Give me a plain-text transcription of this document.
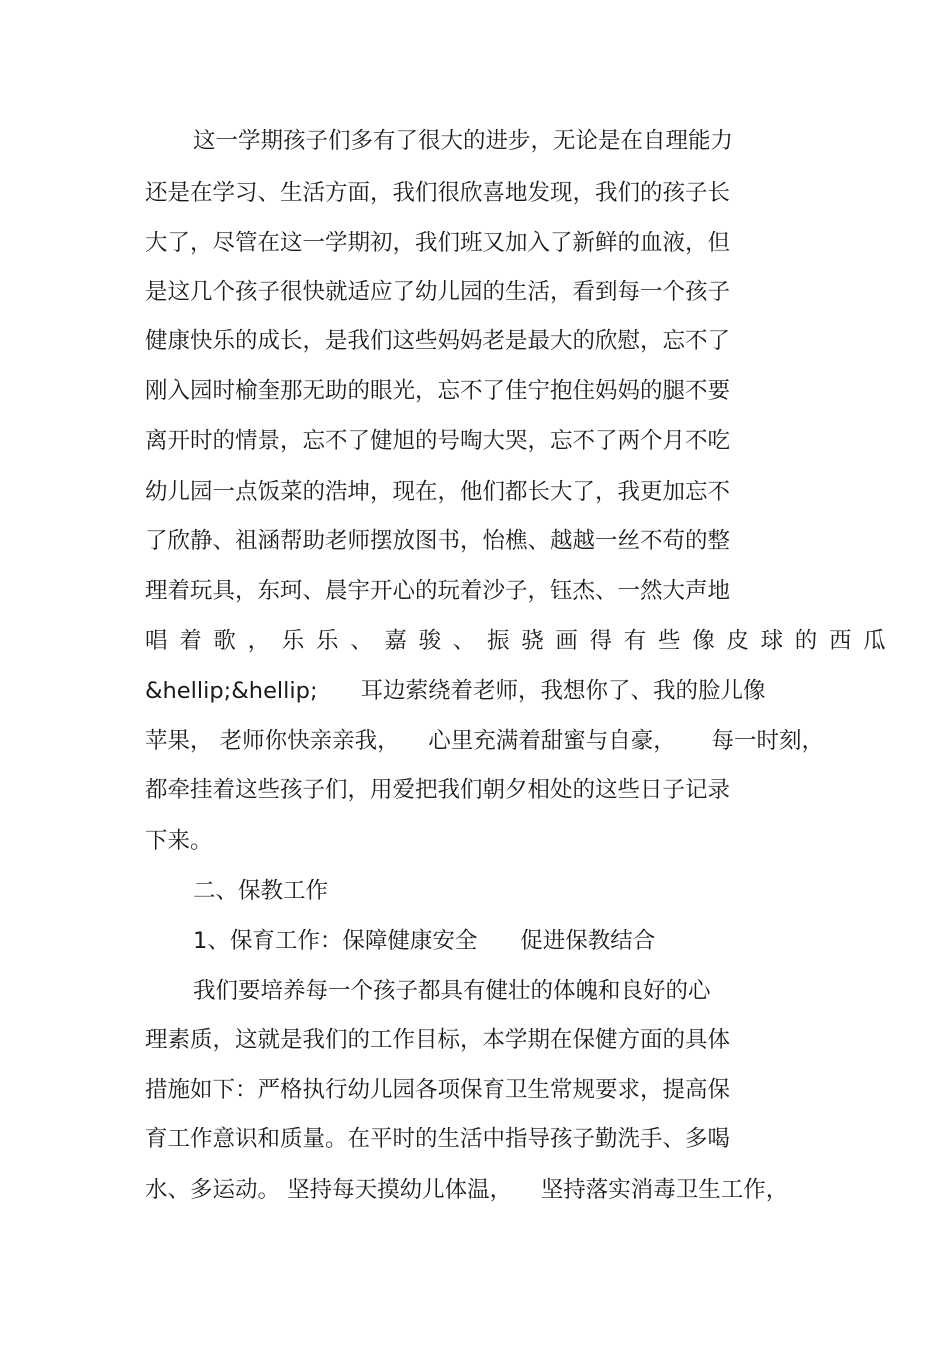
这一学期孩子们多有了很大的进步，无论是在自理能力

还是在学习、生活方面，我们很欣喜地发现，我们的孩子长

大了，尽管在这一学期初，我们班又加入了新鲜的血液，但

是这几个孩子很快就适应了幼儿园的生活，看到每一个孩子

健康快乐的成长，是我们这些妈妈老是最大的欣慰，忘不了

刚入园时榆奎那无助的眼光，忘不了佳宁抱住妈妈的腿不要

离开时的情景，忘不了健旭的号啕大哭，忘不了两个月不吃

幼儿园一点饭菜的浩坤，现在，他们都长大了，我更加忘不

了欣静、祖涵帮助老师摆放图书，怡樵、越越一丝不苟的整

理着玩具，东珂、晨宇开心的玩着沙子，钰杰、一然大声地

唱着歌，乐乐、嘉骏、振骁画得有些像皮球的西瓜

&hellip;&hellip;      耳边萦绕着老师，我想你了、我的脸儿像

苹果， 老师你快亲亲我，    心里充满着甜蜜与自豪，     每一时刻，

都牵挂着这些孩子们，用爱把我们朝夕相处的这些日子记录

下来。

二、保教工作

1、保育工作：保障健康安全      促进保教结合

我们要培养每一个孩子都具有健壮的体魄和良好的心

理素质，这就是我们的工作目标，本学期在保健方面的具体

措施如下：严格执行幼儿园各项保育卫生常规要求，提高保

育工作意识和质量。在平时的生活中指导孩子勤洗手、多喝

水、多运动。 坚持每天摸幼儿体温，    坚持落实消毒卫生工作，
